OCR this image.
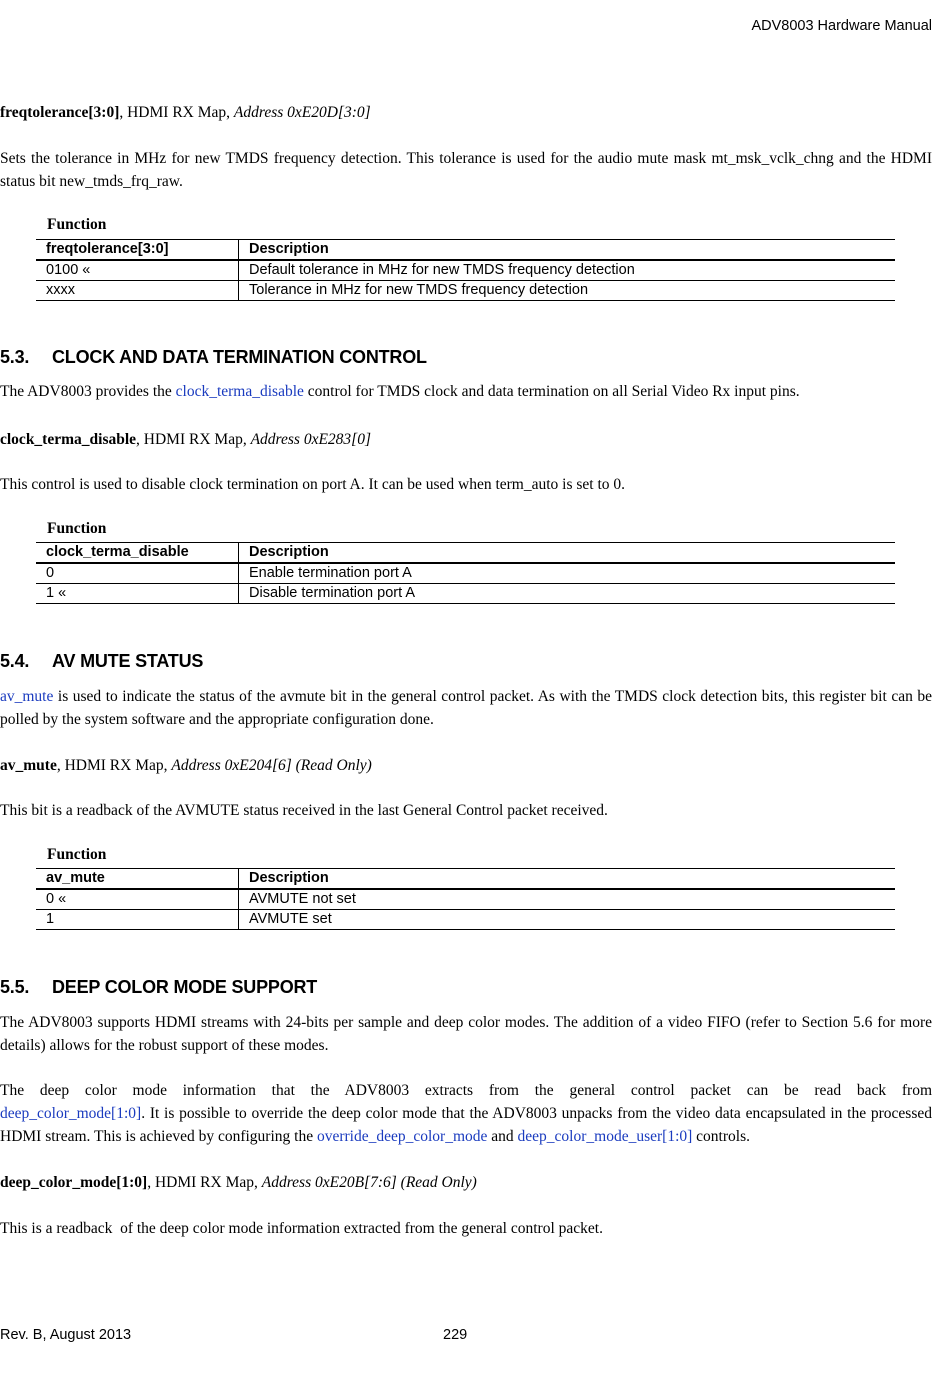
ADV8003 Hardware Manual
freqtolerance[3:0], HDMI RX Map, Address 0xE20D[3:0]
Sets the tolerance in MHz for new TMDS frequency detection. This tolerance is used for the audio mute mask mt_msk_vclk_chng and the HDMI status bit new_tmds_frq_raw.
Function
freqtolerance[3:0]	Description
0100 «	Default tolerance in MHz for new TMDS frequency detection
xxxx	Tolerance in MHz for new TMDS frequency detection
5.3. CLOCK AND DATA TERMINATION CONTROL
The ADV8003 provides the clock_terma_disable control for TMDS clock and data termination on all Serial Video Rx input pins.
clock_terma_disable, HDMI RX Map, Address 0xE283[0]
This control is used to disable clock termination on port A. It can be used when term_auto is set to 0.
Function
clock_terma_disable	Description
0	Enable termination port A
1 «	Disable termination port A
5.4. AV MUTE STATUS
av_mute is used to indicate the status of the avmute bit in the general control packet. As with the TMDS clock detection bits, this register bit can be polled by the system software and the appropriate configuration done.
av_mute, HDMI RX Map, Address 0xE204[6] (Read Only)
This bit is a readback of the AVMUTE status received in the last General Control packet received.
Function
av_mute	Description
0 «	AVMUTE not set
1	AVMUTE set
5.5. DEEP COLOR MODE SUPPORT
The ADV8003 supports HDMI streams with 24-bits per sample and deep color modes. The addition of a video FIFO (refer to Section 5.6 for more details) allows for the robust support of these modes.
The deep color mode information that the ADV8003 extracts from the general control packet can be read back from
deep_color_mode[1:0]. It is possible to override the deep color mode that the ADV8003 unpacks from the video data encapsulated in the processed HDMI stream. This is achieved by configuring the override_deep_color_mode and deep_color_mode_user[1:0] controls.
deep_color_mode[1:0], HDMI RX Map, Address 0xE20B[7:6] (Read Only)
This is a readback  of the deep color mode information extracted from the general control packet.
Rev. B, August 2013	229
